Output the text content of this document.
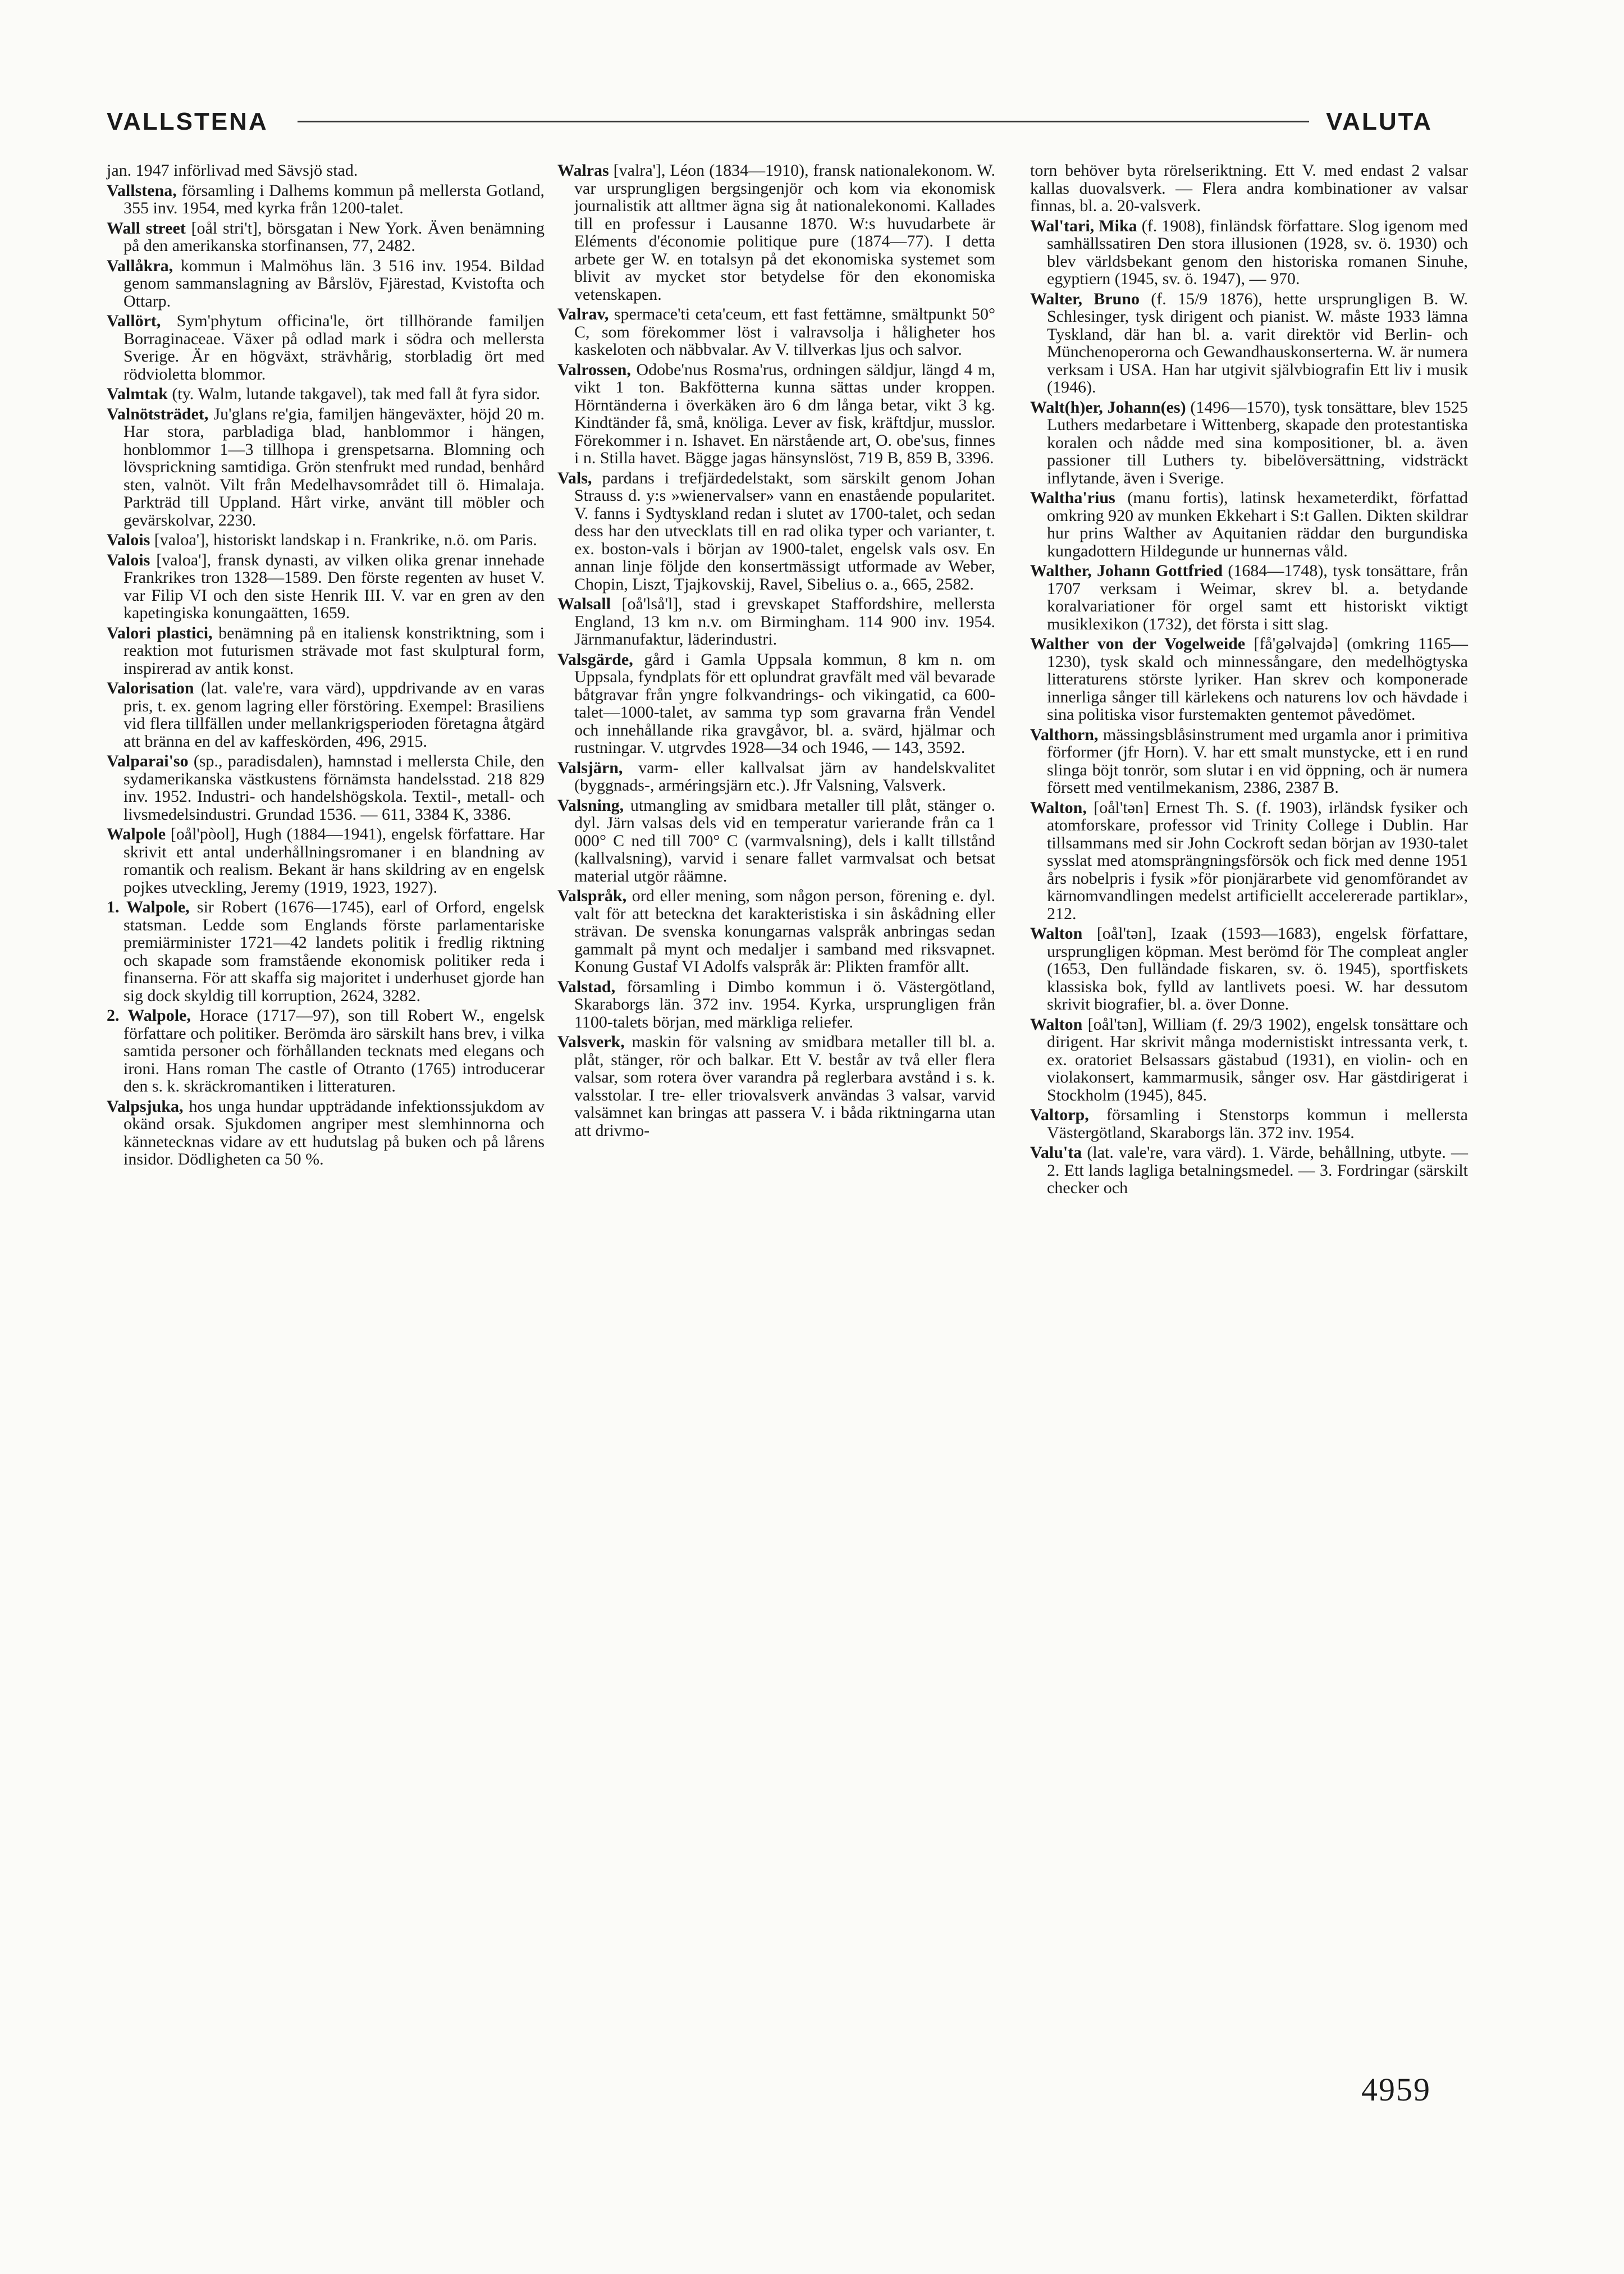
VALLSTENA	VALUTA

jan. 1947 införlivad med Sävsjö stad.

Vallstena, församling i Dalhems kommun på mellersta Gotland, 355 inv. 1954, med kyrka från 1200-talet.

Wall street [oål stri't], börsgatan i New York. Även benämning på den amerikanska storfinansen, 77, 2482.

Vallåkra, kommun i Malmöhus län. 3 516 inv. 1954. Bildad genom sammanslagning av Bårslöv, Fjärestad, Kvistofta och Ottarp.

Vallört, Sym'phytum officina'le, ört tillhörande familjen Borraginaceae. Växer på odlad mark i södra och mellersta Sverige. Är en högväxt, strävhårig, storbladig ört med rödvioletta blommor.

Valmtak (ty. Walm, lutande takgavel), tak med fall åt fyra sidor.

Valnötsträdet, Ju'glans re'gia, familjen hängeväxter, höjd 20 m. Har stora, parbladiga blad, hanblommor i hängen, honblommor 1—3 tillhopa i grenspetsarna. Blomning och lövsprickning samtidiga. Grön stenfrukt med rundad, benhård sten, valnöt. Vilt från Medelhavsområdet till ö. Himalaja. Parkträd till Uppland. Hårt virke, använt till möbler och gevärskolvar, 2230.

Valois [valoa'], historiskt landskap i n. Frankrike, n.ö. om Paris.

Valois [valoa'], fransk dynasti, av vilken olika grenar innehade Frankrikes tron 1328—1589. Den förste regenten av huset V. var Filip VI och den siste Henrik III. V. var en gren av den kapetingiska konungaätten, 1659.

Valori plastici, benämning på en italiensk konstriktning, som i reaktion mot futurismen strävade mot fast skulptural form, inspirerad av antik konst.

Valorisation (lat. vale're, vara värd), uppdrivande av en varas pris, t. ex. genom lagring eller förstöring. Exempel: Brasiliens vid flera tillfällen under mellankrigsperioden företagna åtgärd att bränna en del av kaffeskörden, 496, 2915.

Valparai'so (sp., paradisdalen), hamnstad i mellersta Chile, den sydamerikanska västkustens förnämsta handelsstad. 218 829 inv. 1952. Industri- och handelshögskola. Textil-, metall- och livsmedelsindustri. Grundad 1536. — 611, 3384 K, 3386.

Walpole [oål'pòol], Hugh (1884—1941), engelsk författare. Har skrivit ett antal underhållningsromaner i en blandning av romantik och realism. Bekant är hans skildring av en engelsk pojkes utveckling, Jeremy (1919, 1923, 1927).

1. Walpole, sir Robert (1676—1745), earl of Orford, engelsk statsman. Ledde som Englands förste parlamentariske premiärminister 1721—42 landets politik i fredlig riktning och skapade som framstående ekonomisk politiker reda i finanserna. För att skaffa sig majoritet i underhuset gjorde han sig dock skyldig till korruption, 2624, 3282.

2. Walpole, Horace (1717—97), son till Robert W., engelsk författare och politiker. Berömda äro särskilt hans brev, i vilka samtida personer och förhållanden tecknats med elegans och ironi. Hans roman The castle of Otranto (1765) introducerar den s. k. skräckromantiken i litteraturen.

Valpsjuka, hos unga hundar uppträdande infektionssjukdom av okänd orsak. Sjukdomen angriper mest slemhinnorna och kännetecknas vidare av ett hudutslag på buken och på lårens insidor. Dödligheten ca 50 %.

Walras [valra'], Léon (1834—1910), fransk nationalekonom. W. var ursprungligen bergsingenjör och kom via ekonomisk journalistik att alltmer ägna sig åt nationalekonomi. Kallades till en professur i Lausanne 1870. W:s huvudarbete är Eléments d'économie politique pure (1874—77). I detta arbete ger W. en totalsyn på det ekonomiska systemet som blivit av mycket stor betydelse för den ekonomiska vetenskapen.

Valrav, spermace'ti ceta'ceum, ett fast fettämne, smältpunkt 50° C, som förekommer löst i valravsolja i håligheter hos kaskeloten och näbbvalar. Av V. tillverkas ljus och salvor.

Valrossen, Odobe'nus Rosma'rus, ordningen säldjur, längd 4 m, vikt 1 ton. Bakfötterna kunna sättas under kroppen. Hörntänderna i överkäken äro 6 dm långa betar, vikt 3 kg. Kindtänder få, små, knöliga. Lever av fisk, kräftdjur, musslor. Förekommer i n. Ishavet. En närstående art, O. obe'sus, finnes i n. Stilla havet. Bägge jagas hänsynslöst, 719 B, 859 B, 3396.

Vals, pardans i trefjärdedelstakt, som särskilt genom Johan Strauss d. y:s »wienervalser» vann en enastående popularitet. V. fanns i Sydtyskland redan i slutet av 1700-talet, och sedan dess har den utvecklats till en rad olika typer och varianter, t. ex. boston-vals i början av 1900-talet, engelsk vals osv. En annan linje följde den konsertmässigt utformade av Weber, Chopin, Liszt, Tjajkovskij, Ravel, Sibelius o. a., 665, 2582.

Walsall [oå'lså'l], stad i grevskapet Staffordshire, mellersta England, 13 km n.v. om Birmingham. 114 900 inv. 1954. Järnmanufaktur, läderindustri.

Valsgärde, gård i Gamla Uppsala kommun, 8 km n. om Uppsala, fyndplats för ett oplundrat gravfält med väl bevarade båtgravar från yngre folkvandrings- och vikingatid, ca 600-talet—1000-talet, av samma typ som gravarna från Vendel och innehållande rika gravgåvor, bl. a. svärd, hjälmar och rustningar. V. utgrvdes 1928—34 och 1946, — 143, 3592.

Valsjärn, varm- eller kallvalsat järn av handelskvalitet (byggnads-, arméringsjärn etc.). Jfr Valsning, Valsverk.

Valsning, utmangling av smidbara metaller till plåt, stänger o. dyl. Järn valsas dels vid en temperatur varierande från ca 1 000° C ned till 700° C (varmvalsning), dels i kallt tillstånd (kallvalsning), varvid i senare fallet varmvalsat och betsat material utgör råämne.

Valspråk, ord eller mening, som någon person, förening e. dyl. valt för att beteckna det karakteristiska i sin åskådning eller strävan. De svenska konungarnas valspråk anbringas sedan gammalt på mynt och medaljer i samband med riksvapnet. Konung Gustaf VI Adolfs valspråk är: Plikten framför allt.

Valstad, församling i Dimbo kommun i ö. Västergötland, Skaraborgs län. 372 inv. 1954. Kyrka, ursprungligen från 1100-talets början, med märkliga reliefer.

Valsverk, maskin för valsning av smidbara metaller till bl. a. plåt, stänger, rör och balkar. Ett V. består av två eller flera valsar, som rotera över varandra på reglerbara avstånd i s. k. valsstolar. I tre- eller triovalsverk användas 3 valsar, varvid valsämnet kan bringas att passera V. i båda riktningarna utan att drivmo-

torn behöver byta rörelseriktning. Ett V. med endast 2 valsar kallas duovalsverk. — Flera andra kombinationer av valsar finnas, bl. a. 20-valsverk.

Wal'tari, Mika (f. 1908), finländsk författare. Slog igenom med samhällssatiren Den stora illusionen (1928, sv. ö. 1930) och blev världsbekant genom den historiska romanen Sinuhe, egyptiern (1945, sv. ö. 1947), — 970.

Walter, Bruno (f. 15/9 1876), hette ursprungligen B. W. Schlesinger, tysk dirigent och pianist. W. måste 1933 lämna Tyskland, där han bl. a. varit direktör vid Berlin- och Münchenoperorna och Gewandhauskonserterna. W. är numera verksam i USA. Han har utgivit självbiografin Ett liv i musik (1946).

Walt(h)er, Johann(es) (1496—1570), tysk tonsättare, blev 1525 Luthers medarbetare i Wittenberg, skapade den protestantiska koralen och nådde med sina kompositioner, bl. a. även passioner till Luthers ty. bibelöversättning, vidsträckt inflytande, även i Sverige.

Waltha'rius (manu fortis), latinsk hexameterdikt, författad omkring 920 av munken Ekkehart i S:t Gallen. Dikten skildrar hur prins Walther av Aquitanien räddar den burgundiska kungadottern Hildegunde ur hunnernas våld.

Walther, Johann Gottfried (1684—1748), tysk tonsättare, från 1707 verksam i Weimar, skrev bl. a. betydande koralvariationer för orgel samt ett historiskt viktigt musiklexikon (1732), det första i sitt slag.

Walther von der Vogelweide [få'gəlvajdə] (omkring 1165—1230), tysk skald och minnessångare, den medelhögtyska litteraturens störste lyriker. Han skrev och komponerade innerliga sånger till kärlekens och naturens lov och hävdade i sina politiska visor furstemakten gentemot påvedömet.

Valthorn, mässingsblåsinstrument med urgamla anor i primitiva förformer (jfr Horn). V. har ett smalt munstycke, ett i en rund slinga böjt tonrör, som slutar i en vid öppning, och är numera försett med ventilmekanism, 2386, 2387 B.

Walton, [oål'tən] Ernest Th. S. (f. 1903), irländsk fysiker och atomforskare, professor vid Trinity College i Dublin. Har tillsammans med sir John Cockroft sedan början av 1930-talet sysslat med atomsprängningsförsök och fick med denne 1951 års nobelpris i fysik »för pionjärarbete vid genomförandet av kärnomvandlingen medelst artificiellt accelererade partiklar», 212.

Walton [oål'tən], Izaak (1593—1683), engelsk författare, ursprungligen köpman. Mest berömd för The compleat angler (1653, Den fulländade fiskaren, sv. ö. 1945), sportfiskets klassiska bok, fylld av lantlivets poesi. W. har dessutom skrivit biografier, bl. a. över Donne.

Walton [oål'tən], William (f. 29/3 1902), engelsk tonsättare och dirigent. Har skrivit många modernistiskt intressanta verk, t. ex. oratoriet Belsassars gästabud (1931), en violin- och en violakonsert, kammarmusik, sånger osv. Har gästdirigerat i Stockholm (1945), 845.

Valtorp, församling i Stenstorps kommun i mellersta Västergötland, Skaraborgs län. 372 inv. 1954.

Valu'ta (lat. vale're, vara värd). 1. Värde, behållning, utbyte. — 2. Ett lands lagliga betalningsmedel. — 3. Fordringar (särskilt checker och

4959
